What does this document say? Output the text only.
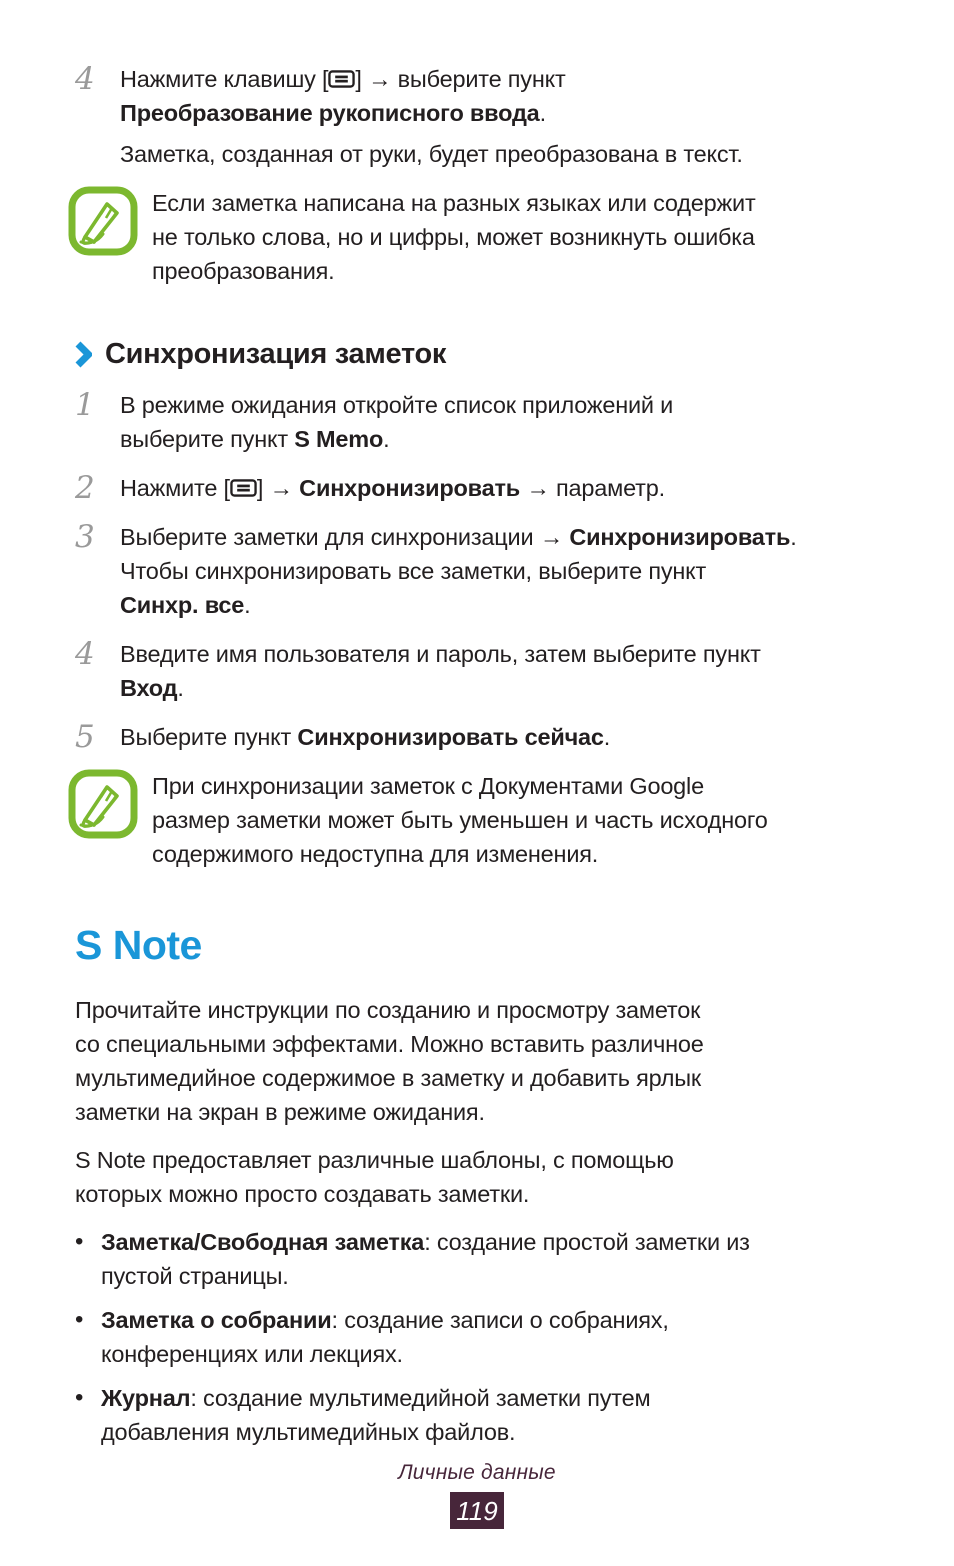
4	Нажмите клавишу [ ] → выберите пункт
Преобразование рукописного ввода.

Заметка, созданная от руки, будет преобразована в текст.

Если заметка написана на разных языках или содержит
не только слова, но и цифры, может возникнуть ошибка
преобразования.

Синхронизация заметок
1	В режиме ожидания откройте список приложений и
выберите пункт S Memo.

2	Нажмите [ ] → Синхронизировать → параметр.

3	Выберите заметки для синхронизации → Синхронизировать.
Чтобы синхронизировать все заметки, выберите пункт
Синхр. все.

4	Введите имя пользователя и пароль, затем выберите пункт
Вход.

5	Выберите пункт Синхронизировать сейчас.

При синхронизации заметок с Документами Google
размер заметки может быть уменьшен и часть исходного
содержимого недоступна для изменения.

S Note

Прочитайте инструкции по созданию и просмотру заметок
со специальными эффектами. Можно вставить различное
мультимедийное содержимое в заметку и добавить ярлык
заметки на экран в режиме ожидания.

S Note предоставляет различные шаблоны, с помощью
которых можно просто создавать заметки.

• Заметка/Свободная заметка: создание простой заметки из
пустой страницы.
• Заметка о собрании: создание записи о собраниях,
конференциях или лекциях.
• Журнал: создание мультимедийной заметки путем
добавления мультимедийных файлов.
Личные данные
119
